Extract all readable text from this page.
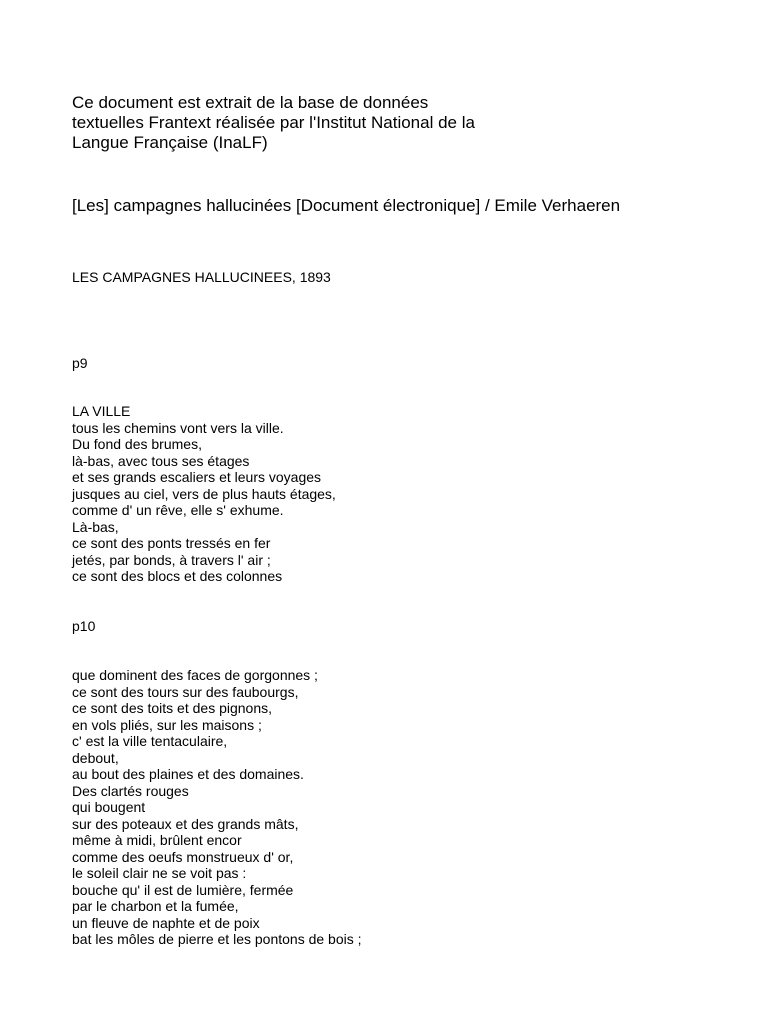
Ce document est extrait de la base de données
textuelles Frantext réalisée par l'Institut National de la
Langue Française (InaLF)
[Les] campagnes hallucinées [Document électronique] / Emile Verhaeren
LES CAMPAGNES HALLUCINEES, 1893
p9
LA VILLE
tous les chemins vont vers la ville.
Du fond des brumes,
là-bas, avec tous ses étages
et ses grands escaliers et leurs voyages
jusques au ciel, vers de plus hauts étages,
comme d' un rêve, elle s' exhume.
Là-bas,
ce sont des ponts tressés en fer
jetés, par bonds, à travers l' air ;
ce sont des blocs et des colonnes
p10
que dominent des faces de gorgonnes ;
ce sont des tours sur des faubourgs,
ce sont des toits et des pignons,
en vols pliés, sur les maisons ;
c' est la ville tentaculaire,
debout,
au bout des plaines et des domaines.
Des clartés rouges
qui bougent
sur des poteaux et des grands mâts,
même à midi, brûlent encor
comme des oeufs monstrueux d' or,
le soleil clair ne se voit pas :
bouche qu' il est de lumière, fermée
par le charbon et la fumée,
un fleuve de naphte et de poix
bat les môles de pierre et les pontons de bois ;
